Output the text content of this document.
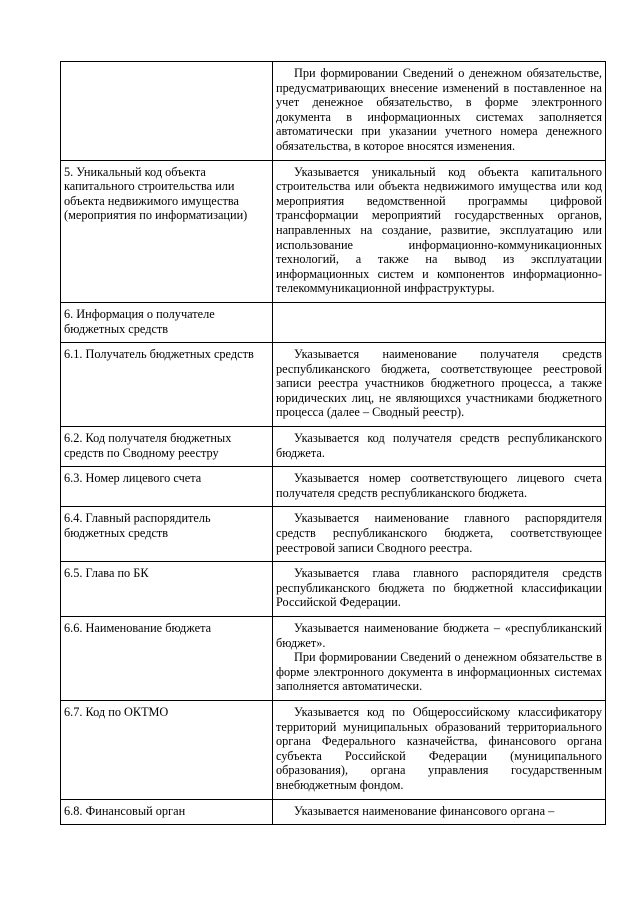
	При формировании Сведений о денежном обязательстве, предусматривающих внесение изменений в поставленное на учет денежное обязательство, в форме электронного документа в информационных системах заполняется автоматически при указании учетного номера денежного обязательства, в которое вносятся изменения.

5. Уникальный код объекта капитального строительства или объекта недвижимого имущества (мероприятия по информатизации)	Указывается уникальный код объекта капитального строительства или объекта недвижимого имущества или код мероприятия ведомственной программы цифровой трансформации мероприятий государственных органов, направленных на создание, развитие, эксплуатацию или использование информационно-коммуникационных технологий, а также на вывод из эксплуатации информационных систем и компонентов информационно-телекоммуникационной инфраструктуры.

6. Информация о получателе бюджетных средств	

6.1. Получатель бюджетных средств	Указывается наименование получателя средств республиканского бюджета, соответствующее реестровой записи реестра участников бюджетного процесса, а также юридических лиц, не являющихся участниками бюджетного процесса (далее – Сводный реестр).

6.2. Код получателя бюджетных средств по Сводному реестру	Указывается код получателя средств республиканского бюджета.

6.3. Номер лицевого счета	Указывается номер соответствующего лицевого счета получателя средств республиканского бюджета.

6.4. Главный распорядитель бюджетных средств	Указывается наименование главного распорядителя средств республиканского бюджета, соответствующее реестровой записи Сводного реестра.

6.5. Глава по БК	Указывается глава главного распорядителя средств республиканского бюджета по бюджетной классификации Российской Федерации.

6.6. Наименование бюджета	Указывается наименование бюджета – «республиканский бюджет».

При формировании Сведений о денежном обязательстве в форме электронного документа в информационных системах заполняется автоматически.

6.7. Код по ОКТМО	Указывается код по Общероссийскому классификатору территорий муниципальных образований территориального органа Федерального казначейства, финансового органа субъекта Российской Федерации (муниципального образования), органа управления государственным внебюджетным фондом.

6.8. Финансовый орган	Указывается наименование финансового органа –
